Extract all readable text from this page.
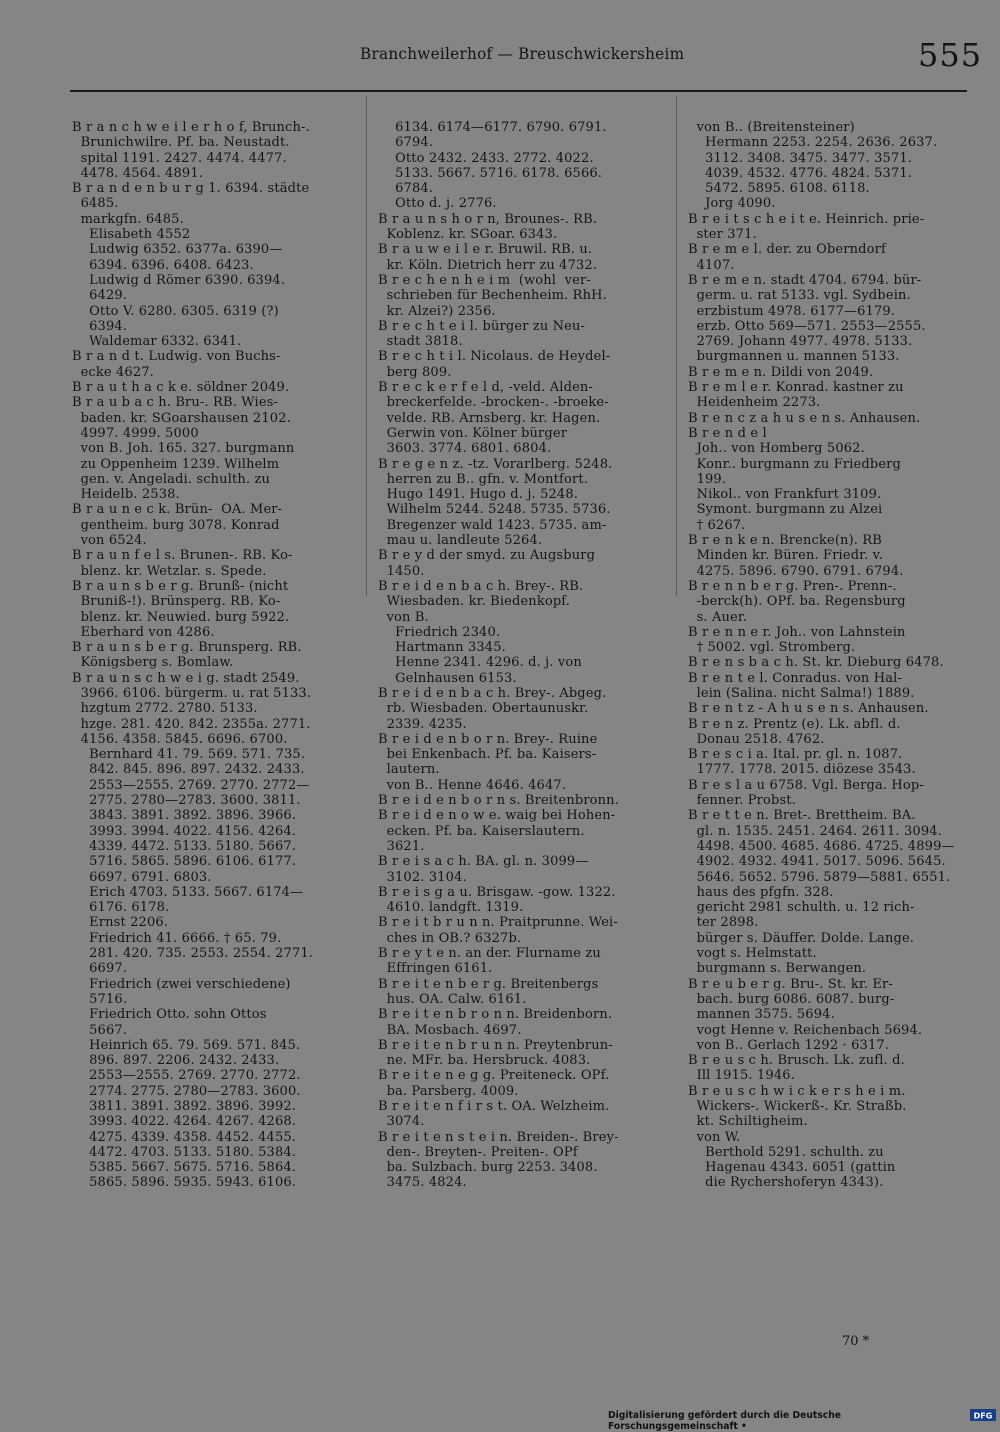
Branchweilerhof — Breuschwickersheim	555
B r a n c h w e i l e r h o f, Brunch-.
Brunichwilre. Pf. ba. Neustadt.
spital 1191. 2427. 4474. 4477.
4478. 4564. 4891.
B r a n d e n b u r g 1. 6394. städte
6485.
markgfn. 6485.
Elisabeth 4552
Ludwig 6352. 6377a. 6390—
6394. 6396. 6408. 6423.
Ludwig d Römer 6390. 6394.
6429.
Otto V. 6280. 6305. 6319 (?)
6394.
Waldemar 6332. 6341.
B r a n d t. Ludwig. von Buchs-
ecke 4627.
B r a u t h a c k e. söldner 2049.
B r a u b a c h. Bru-. RB. Wies-
baden. kr. SGoarshausen 2102.
4997. 4999. 5000
von B. Joh. 165. 327. burgmann
zu Oppenheim 1239. Wilhelm
gen. v. Angeladi. schulth. zu
Heidelb. 2538.
B r a u n e c k. Brün-  OA. Mer-
gentheim. burg 3078. Konrad
von 6524.
B r a u n f e l s. Brunen-. RB. Ko-
blenz. kr. Wetzlar. s. Spede.
B r a u n s b e r g. Brunß- (nicht
Bruniß-!). Brünsperg. RB. Ko-
blenz. kr. Neuwied. burg 5922.
Eberhard von 4286.
B r a u n s b e r g. Brunsperg. RB.
Königsberg s. Bomlaw.
B r a u n s c h w e i g. stadt 2549.
3966. 6106. bürgerm. u. rat 5133.
hzgtum 2772. 2780. 5133.
hzge. 281. 420. 842. 2355a. 2771.
4156. 4358. 5845. 6696. 6700.
Bernhard 41. 79. 569. 571. 735.
842. 845. 896. 897. 2432. 2433.
2553—2555. 2769. 2770. 2772—
2775. 2780—2783. 3600. 3811.
3843. 3891. 3892. 3896. 3966.
3993. 3994. 4022. 4156. 4264.
4339. 4472. 5133. 5180. 5667.
5716. 5865. 5896. 6106. 6177.
6697. 6791. 6803.
Erich 4703. 5133. 5667. 6174—
6176. 6178.
Ernst 2206.
Friedrich 41. 6666. † 65. 79.
281. 420. 735. 2553. 2554. 2771.
6697.
Friedrich (zwei verschiedene)
5716.
Friedrich Otto. sohn Ottos
5667.
Heinrich 65. 79. 569. 571. 845.
896. 897. 2206. 2432. 2433.
2553—2555. 2769. 2770. 2772.
2774. 2775. 2780—2783. 3600.
3811. 3891. 3892. 3896. 3992.
3993. 4022. 4264. 4267. 4268.
4275. 4339. 4358. 4452. 4455.
4472. 4703. 5133. 5180. 5384.
5385. 5667. 5675. 5716. 5864.
5865. 5896. 5935. 5943. 6106.
6134. 6174—6177. 6790. 6791.
6794.
Otto 2432. 2433. 2772. 4022.
5133. 5667. 5716. 6178. 6566.
6784.
Otto d. j. 2776.
B r a u n s h o r n, Brounes-. RB.
Koblenz. kr. SGoar. 6343.
B r a u w e i l e r. Bruwil. RB. u.
kr. Köln. Dietrich herr zu 4732.
B r e c h e n h e i m  (wohl  ver-
schrieben für Bechenheim. RhH.
kr. Alzei?) 2356.
B r e c h t e i l. bürger zu Neu-
stadt 3818.
B r e c h t i l. Nicolaus. de Heydel-
berg 809.
B r e c k e r f e l d, -veld. Alden-
breckerfelde. -brocken-. -broeke-
velde. RB. Arnsberg. kr. Hagen.
Gerwin von. Kölner bürger
3603. 3774. 6801. 6804.
B r e g e n z. -tz. Vorarlberg. 5248.
herren zu B.. gfn. v. Montfort.
Hugo 1491. Hugo d. j. 5248.
Wilhelm 5244. 5248. 5735. 5736.
Bregenzer wald 1423. 5735. am-
mau u. landleute 5264.
B r e y d der smyd. zu Augsburg
1450.
B r e i d e n b a c h. Brey-. RB.
Wiesbaden. kr. Biedenkopf.
von B.
Friedrich 2340.
Hartmann 3345.
Henne 2341. 4296. d. j. von
Gelnhausen 6153.
B r e i d e n b a c h. Brey-. Abgeg.
rb. Wiesbaden. Obertaunuskr.
2339. 4235.
B r e i d e n b o r n. Brey-. Ruine
bei Enkenbach. Pf. ba. Kaisers-
lautern.
von B.. Henne 4646. 4647.
B r e i d e n b o r n s. Breitenbronn.
B r e i d e n o w e. waig bei Hohen-
ecken. Pf. ba. Kaiserslautern.
3621.
B r e i s a c h. BA. gl. n. 3099—
3102. 3104.
B r e i s g a u. Brisgaw. -gow. 1322.
4610. landgft. 1319.
B r e i t b r u n n. Praitprunne. Wei-
ches in OB.? 6327b.
B r e y t e n. an der. Flurname zu
Effringen 6161.
B r e i t e n b e r g. Breitenbergs
hus. OA. Calw. 6161.
B r e i t e n b r o n n. Breidenborn.
BA. Mosbach. 4697.
B r e i t e n b r u n n. Preytenbrun-
ne. MFr. ba. Hersbruck. 4083.
B r e i t e n e g g. Preiteneck. OPf.
ba. Parsberg. 4009.
B r e i t e n f i r s t. OA. Welzheim.
3074.
B r e i t e n s t e i n. Breiden-. Brey-
den-. Breyten-. Preiten-. OPf
ba. Sulzbach. burg 2253. 3408.
3475. 4824.
von B.. (Breitensteiner)
Hermann 2253. 2254. 2636. 2637.
3112. 3408. 3475. 3477. 3571.
4039. 4532. 4776. 4824. 5371.
5472. 5895. 6108. 6118.
Jorg 4090.
B r e i t s c h e i t e. Heinrich. prie-
ster 371.
B r e m e l. der. zu Oberndorf
4107.
B r e m e n. stadt 4704. 6794. bür-
germ. u. rat 5133. vgl. Sydbein.
erzbistum 4978. 6177—6179.
erzb. Otto 569—571. 2553—2555.
2769. Johann 4977. 4978. 5133.
burgmannen u. mannen 5133.
B r e m e n. Dildi von 2049.
B r e m l e r. Konrad. kastner zu
Heidenheim 2273.
B r e n c z a h u s e n s. Anhausen.
B r e n d e l
Joh.. von Homberg 5062.
Konr.. burgmann zu Friedberg
199.
Nikol.. von Frankfurt 3109.
Symont. burgmann zu Alzei
† 6267.
B r e n k e n. Brencke(n). RB
Minden kr. Büren. Friedr. v.
4275. 5896. 6790. 6791. 6794.
B r e n n b e r g. Pren-. Prenn-.
-berck(h). OPf. ba. Regensburg
s. Auer.
B r e n n e r. Joh.. von Lahnstein
† 5002. vgl. Stromberg.
B r e n s b a c h. St. kr. Dieburg 6478.
B r e n t e l. Conradus. von Hal-
lein (Salina. nicht Salma!) 1889.
B r e n t z - A h u s e n s. Anhausen.
B r e n z. Prentz (e). Lk. abfl. d.
Donau 2518. 4762.
B r e s c i a. Ital. pr. gl. n. 1087.
1777. 1778. 2015. diözese 3543.
B r e s l a u 6758. Vgl. Berga. Hop-
fenner. Probst.
B r e t t e n. Bret-. Brettheim. BA.
gl. n. 1535. 2451. 2464. 2611. 3094.
4498. 4500. 4685. 4686. 4725. 4899—
4902. 4932. 4941. 5017. 5096. 5645.
5646. 5652. 5796. 5879—5881. 6551.
haus des pfgfn. 328.
gericht 2981 schulth. u. 12 rich-
ter 2898.
bürger s. Däuffer. Dolde. Lange.
vogt s. Helmstatt.
burgmann s. Berwangen.
B r e u b e r g. Bru-. St. kr. Er-
bach. burg 6086. 6087. burg-
mannen 3575. 5694.
vogt Henne v. Reichenbach 5694.
von B.. Gerlach 1292 · 6317.
B r e u s c h. Brusch. Lk. zufl. d.
Ill 1915. 1946.
B r e u s c h w i c k e r s h e i m.
Wickers-. Wickerß-. Kr. Straßb.
kt. Schiltigheim.
von W.
Berthold 5291. schulth. zu
Hagenau 4343. 6051 (gattin
die Rychershoferyn 4343).
70 *
Digitalisierung gefördert durch die Deutsche Forschungsgemeinschaft •
DFG
